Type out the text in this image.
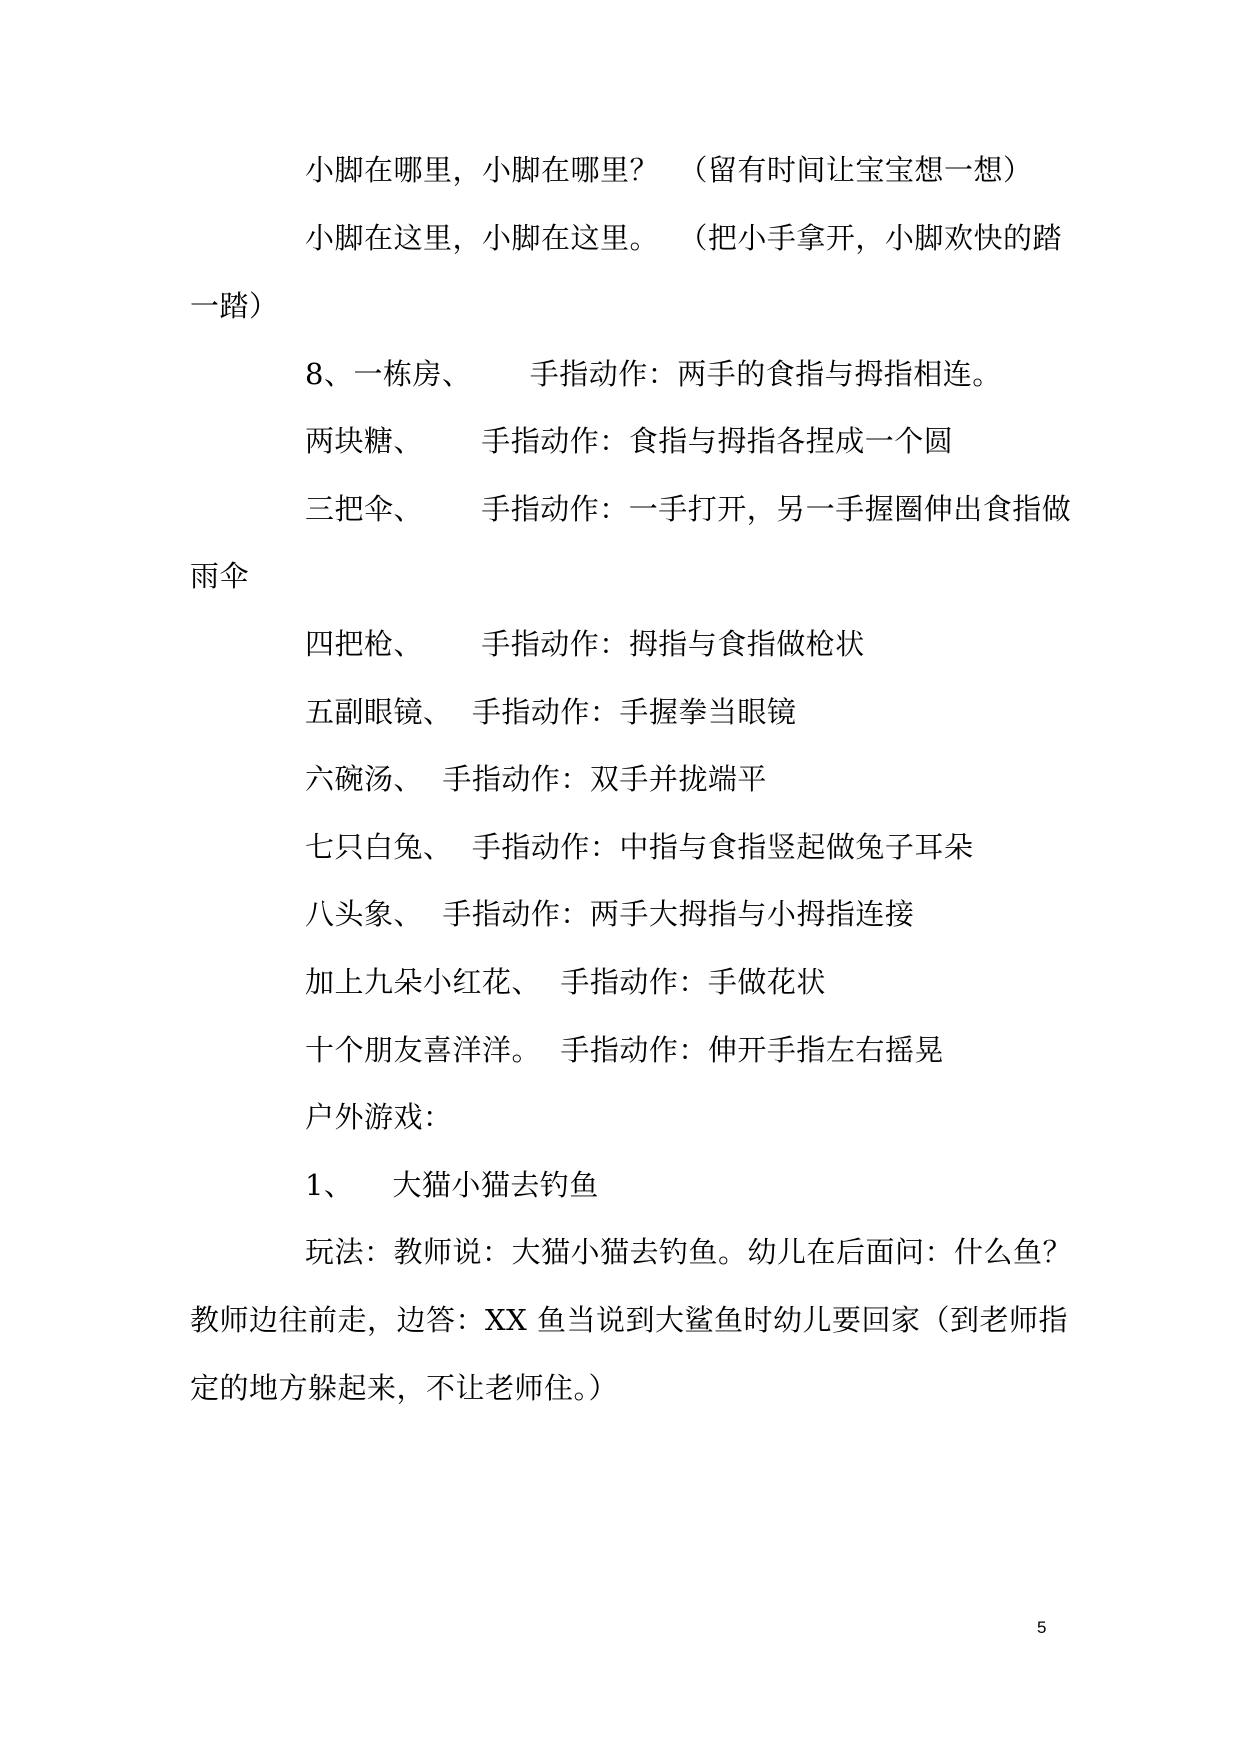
小脚在哪里，小脚在哪里？  （留有时间让宝宝想一想）
小脚在这里，小脚在这里。  （把小手拿开，小脚欢快的踏
一踏）
8、一栋房、      手指动作：两手的食指与拇指相连。
两块糖、      手指动作：食指与拇指各捏成一个圆
三把伞、      手指动作：一手打开，另一手握圈伸出食指做
雨伞
四把枪、      手指动作：拇指与食指做枪状
五副眼镜、  手指动作：手握拳当眼镜
六碗汤、  手指动作：双手并拢端平
七只白兔、  手指动作：中指与食指竖起做兔子耳朵
八头象、  手指动作：两手大拇指与小拇指连接
加上九朵小红花、  手指动作：手做花状
十个朋友喜洋洋。  手指动作：伸开手指左右摇晃
户外游戏：
1、    大猫小猫去钓鱼
玩法：教师说：大猫小猫去钓鱼。幼儿在后面问：什么鱼？
教师边往前走，边答：XX 鱼当说到大鲨鱼时幼儿要回家（到老师指
定的地方躲起来，不让老师住。）
5
